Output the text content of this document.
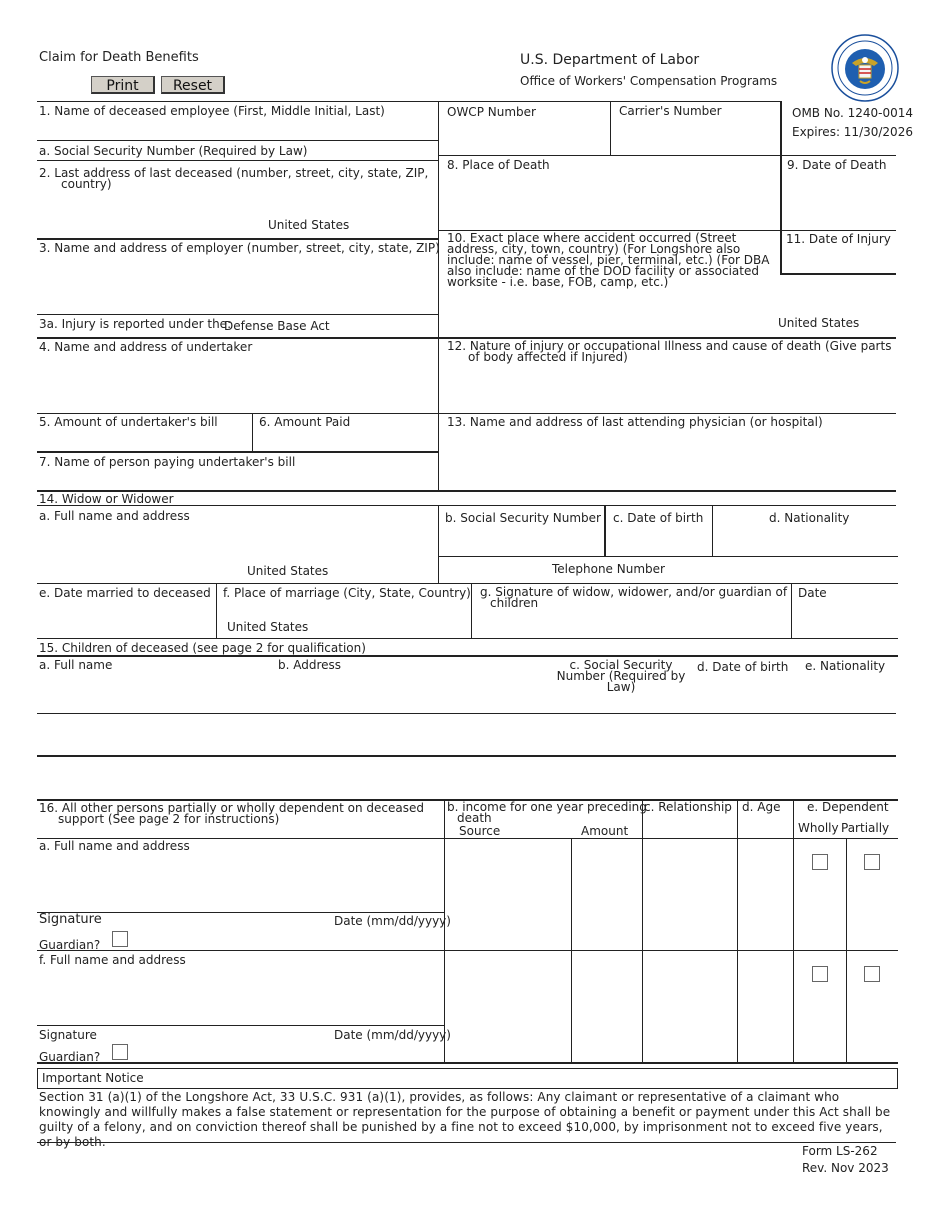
Claim for Death Benefits
Print	Reset
U.S. Department of Labor
Office of Workers' Compensation Programs
1. Name of deceased employee (First, Middle Initial, Last)	OWCP Number	Carrier's Number	OMB No. 1240-0014
Expires: 11/30/2026
a. Social Security Number (Required by Law)
2. Last address of last deceased (number, street, city, state, ZIP, country)
United States
8. Place of Death	9. Date of Death
3. Name and address of employer (number, street, city, state, ZIP)
10. Exact place where accident occurred (Street address, city, town, country) (For Longshore also include: name of vessel, pier, terminal, etc.) (For DBA also include: name of the DOD facility or associated worksite - i.e. base, FOB, camp, etc.)
11. Date of Injury
United States
3a. Injury is reported under the:
Defense Base Act
4. Name and address of undertaker	12. Nature of injury or occupational Illness and cause of death (Give parts of body affected if Injured)
5. Amount of undertaker's bill	6. Amount Paid	13. Name and address of last attending physician (or hospital)
7. Name of person paying undertaker's bill
14. Widow or Widower
a. Full name and address	b. Social Security Number c. Date of birth	d. Nationality
United States	Telephone Number
e. Date married to deceased f. Place of marriage (City, State, Country)
United States
g. Signature of widow, widower, and/or guardian of children
Date
15. Children of deceased (see page 2 for qualification)
a. Full name	b. Address	c. Social Security Number (Required by Law)
d. Date of birth e. Nationality
16. All other persons partially or wholly dependent on deceased support (See page 2 for instructions)
b. income for one year preceding death
Source	Amount
c. Relationship d. Age e. Dependent
Wholly Partially
a. Full name and address
Signature	Date (mm/dd/yyyy)
Guardian?
f. Full name and address
Signature	Date (mm/dd/yyyy)
Guardian?
Important Notice
Section 31 (a)(1) of the Longshore Act, 33 U.S.C. 931 (a)(1), provides, as follows: Any claimant or representative of a claimant who knowingly and willfully makes a false statement or representation for the purpose of obtaining a benefit or payment under this Act shall be guilty of a felony, and on conviction thereof shall be punished by a fine not to exceed $10,000, by imprisonment not to exceed five years, or by both.
Form LS-262
Rev. Nov 2023
